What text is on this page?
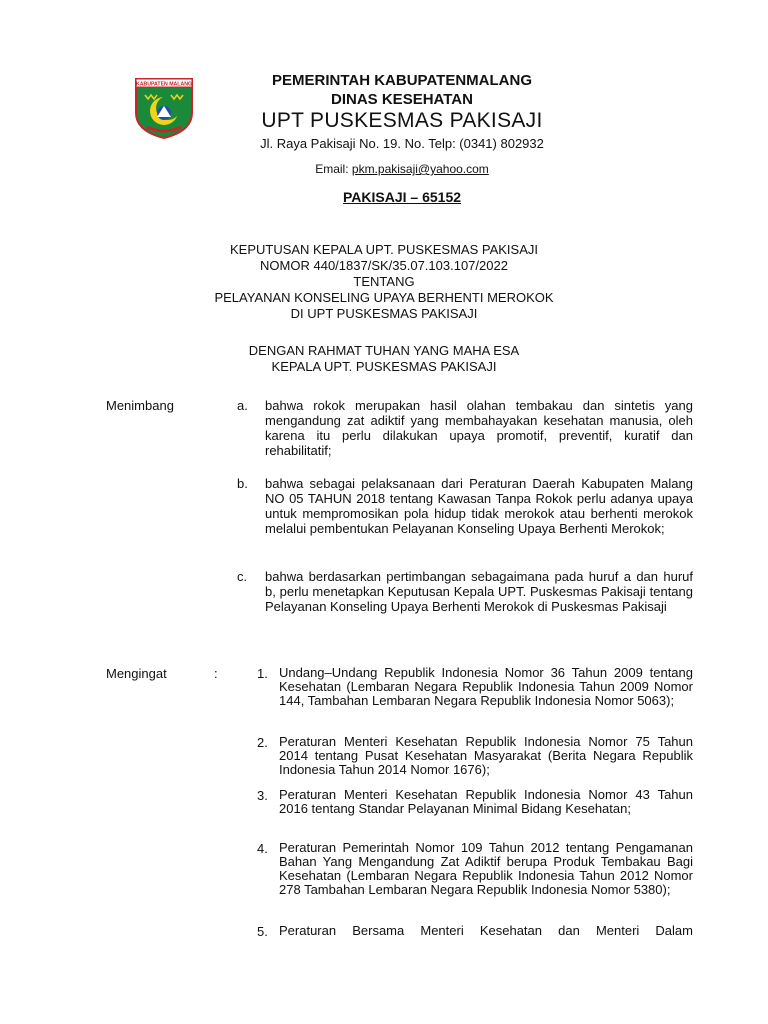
KABUPATEN MALANG	PEMERINTAH KABUPATENMALANG
DINAS KESEHATAN
UPT PUSKESMAS PAKISAJI
Jl. Raya Pakisaji No. 19. No. Telp: (0341) 802932
Email: pkm.pakisaji@yahoo.com
PAKISAJI – 65152
KEPUTUSAN KEPALA UPT. PUSKESMAS PAKISAJI
NOMOR 440/1837/SK/35.07.103.107/2022
TENTANG
PELAYANAN KONSELING UPAYA BERHENTI MEROKOK
DI UPT PUSKESMAS PAKISAJI
DENGAN RAHMAT TUHAN YANG MAHA ESA
KEPALA UPT. PUSKESMAS PAKISAJI
Menimbang	a. bahwa rokok merupakan hasil olahan tembakau dan sintetis yang mengandung zat adiktif yang membahayakan kesehatan manusia, oleh karena itu perlu dilakukan upaya promotif, preventif, kuratif dan rehabilitatif;
b. bahwa sebagai pelaksanaan dari Peraturan Daerah Kabupaten Malang NO 05 TAHUN 2018 tentang Kawasan Tanpa Rokok perlu adanya upaya untuk mempromosikan pola hidup tidak merokok atau berhenti merokok melalui pembentukan Pelayanan Konseling Upaya Berhenti Merokok;
c. bahwa berdasarkan pertimbangan sebagaimana pada huruf a dan huruf b, perlu menetapkan Keputusan Kepala UPT. Puskesmas Pakisaji tentang Pelayanan Konseling Upaya Berhenti Merokok di Puskesmas Pakisaji
Mengingat	:	1. Undang–Undang Republik Indonesia Nomor 36 Tahun 2009 tentang Kesehatan (Lembaran Negara Republik Indonesia Tahun 2009 Nomor 144, Tambahan Lembaran Negara Republik Indonesia Nomor 5063);
2. Peraturan Menteri Kesehatan Republik Indonesia Nomor 75 Tahun 2014 tentang Pusat Kesehatan Masyarakat (Berita Negara Republik Indonesia Tahun 2014 Nomor 1676);
3. Peraturan Menteri Kesehatan Republik Indonesia Nomor 43 Tahun 2016 tentang Standar Pelayanan Minimal Bidang Kesehatan;
4. Peraturan Pemerintah Nomor 109 Tahun 2012 tentang Pengamanan Bahan Yang Mengandung Zat Adiktif berupa Produk Tembakau Bagi Kesehatan (Lembaran Negara Republik Indonesia Tahun 2012 Nomor 278 Tambahan Lembaran Negara Republik Indonesia Nomor 5380);
5. Peraturan Bersama Menteri Kesehatan dan Menteri Dalam
